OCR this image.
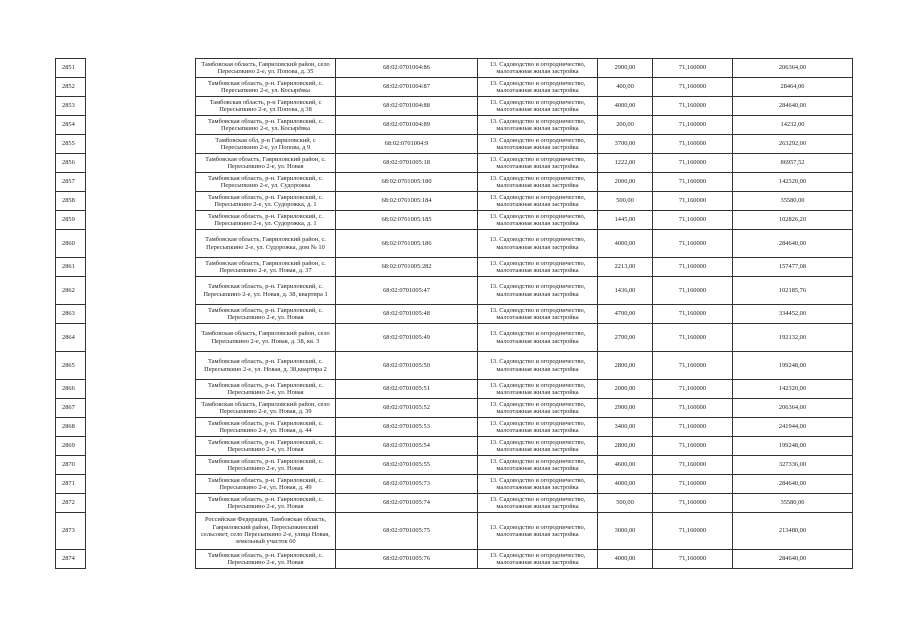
2851		Тамбовская область, Гавриловский район, село Пересыпкино 2-е, ул. Попова, д. 35	68:02:0701004:86	13. Садоводство и огородничество, малоэтажная жилая застройка	2900,00	71,160000	206364,00
2852		Тамбовская область, р-н. Гавриловский, с. Пересыпкино 2-е, ул. Косырёвка	68:02:0701004:87	13. Садоводство и огородничество, малоэтажная жилая застройка	400,00	71,160000	28464,00
2853		Тамбовская область, р-н Гавриловский, с Пересыпкино 2-е, ул Попова, д 38	68:02:0701004:88	13. Садоводство и огородничество, малоэтажная жилая застройка	4000,00	71,160000	284640,00
2854		Тамбовская область, р-н. Гавриловский, с. Пересыпкино 2-е, ул. Косырёвка	68:02:0701004:89	13. Садоводство и огородничество, малоэтажная жилая застройка	200,00	71,160000	14232,00
2855		Тамбовская обл, р-н Гавриловский, с Пересыпкино 2-е, ул Попова, д 9	68:02:0701004:9	13. Садоводство и огородничество, малоэтажная жилая застройка	3700,00	71,160000	263292,00
2856		Тамбовская область, Гавриловский район, с. Пересыпкино 2-е, ул. Новая	68:02:0701005:18	13. Садоводство и огородничество, малоэтажная жилая застройка	1222,00	71,160000	86957,52
2857		Тамбовская область, р-н. Гавриловский, с. Пересыпкино 2-е, ул. Судорожка	68:02:0701005:180	13. Садоводство и огородничество, малоэтажная жилая застройка	2000,00	71,160000	142320,00
2858		Тамбовская область, р-н. Гавриловский, с. Пересыпкино 2-е, ул. Судорожка, д. 1	68:02:0701005:184	13. Садоводство и огородничество, малоэтажная жилая застройка	500,00	71,160000	35580,00
2859		Тамбовская область, р-н. Гавриловский, с. Пересыпкино 2-е, ул. Судорожка, д. 1	68:02:0701005:185	13. Садоводство и огородничество, малоэтажная жилая застройка	1445,00	71,160000	102826,20
2860		Тамбовская область, Гавриловский район, с. Пересыпкино 2-е, ул. Судорожка, дом № 10	68:02:0701005:186	13. Садоводство и огородничество, малоэтажная жилая застройка	4000,00	71,160000	284640,00
2861		Тамбовская область, Гавриловский район, с. Пересыпкино 2-е, ул. Новая, д. 37	68:02:0701005:282	13. Садоводство и огородничество, малоэтажная жилая застройка	2213,00	71,160000	157477,08
2862		Тамбовская область, р-н. Гавриловский, с. Пересыпкино 2-е, ул. Новая, д. 38, квартира 1	68:02:0701005:47	13. Садоводство и огородничество, малоэтажная жилая застройка	1436,00	71,160000	102185,76
2863		Тамбовская область, р-н. Гавриловский, с. Пересыпкино 2-е, ул. Новая	68:02:0701005:48	13. Садоводство и огородничество, малоэтажная жилая застройка	4700,00	71,160000	334452,00
2864		Тамбовская область, Гавриловский район, село Пересыпкино 2-е, ул. Новая, д. 38, кв. 3	68:02:0701005:49	13. Садоводство и огородничество, малоэтажная жилая застройка	2700,00	71,160000	192132,00
2865		Тамбовская область, р-н. Гавриловский, с. Пересыпкино 2-е, ул. Новая, д. 38,квартира 2	68:02:0701005:50	13. Садоводство и огородничество, малоэтажная жилая застройка	2800,00	71,160000	199248,00
2866		Тамбовская область, р-н. Гавриловский, с. Пересыпкино 2-е, ул. Новая	68:02:0701005:51	13. Садоводство и огородничество, малоэтажная жилая застройка	2000,00	71,160000	142320,00
2867		Тамбовская область, Гавриловский район, село Пересыпкино 2-е, ул. Новая, д. 39	68:02:0701005:52	13. Садоводство и огородничество, малоэтажная жилая застройка	2900,00	71,160000	206364,00
2868		Тамбовская область, р-н. Гавриловский, с. Пересыпкино 2-е, ул. Новая, д. 44	68:02:0701005:53	13. Садоводство и огородничество, малоэтажная жилая застройка	3400,00	71,160000	241944,00
2869		Тамбовская область, р-н. Гавриловский, с. Пересыпкино 2-е, ул. Новая	68:02:0701005:54	13. Садоводство и огородничество, малоэтажная жилая застройка	2800,00	71,160000	199248,00
2870		Тамбовская область, р-н. Гавриловский, с. Пересыпкино 2-е, ул. Новая	68:02:0701005:55	13. Садоводство и огородничество, малоэтажная жилая застройка	4600,00	71,160000	327336,00
2871		Тамбовская область, р-н. Гавриловский, с. Пересыпкино 2-е, ул. Новая, д. 49	68:02:0701005:73	13. Садоводство и огородничество, малоэтажная жилая застройка	4000,00	71,160000	284640,00
2872		Тамбовская область, р-н. Гавриловский, с. Пересыпкино 2-е, ул. Новая	68:02:0701005:74	13. Садоводство и огородничество, малоэтажная жилая застройка	500,00	71,160000	35580,00
2873		Российская Федерация, Тамбовская область, Гавриловский район, Пересыпкинский сельсовет, село Пересыпкино 2-е, улица Новая, земельный участок 60	68:02:0701005:75	13. Садоводство и огородничество, малоэтажная жилая застройка	3000,00	71,160000	213480,00
2874		Тамбовская область, р-н. Гавриловский, с. Пересыпкино 2-е, ул. Новая	68:02:0701005:76	13. Садоводство и огородничество, малоэтажная жилая застройка	4000,00	71,160000	284640,00
